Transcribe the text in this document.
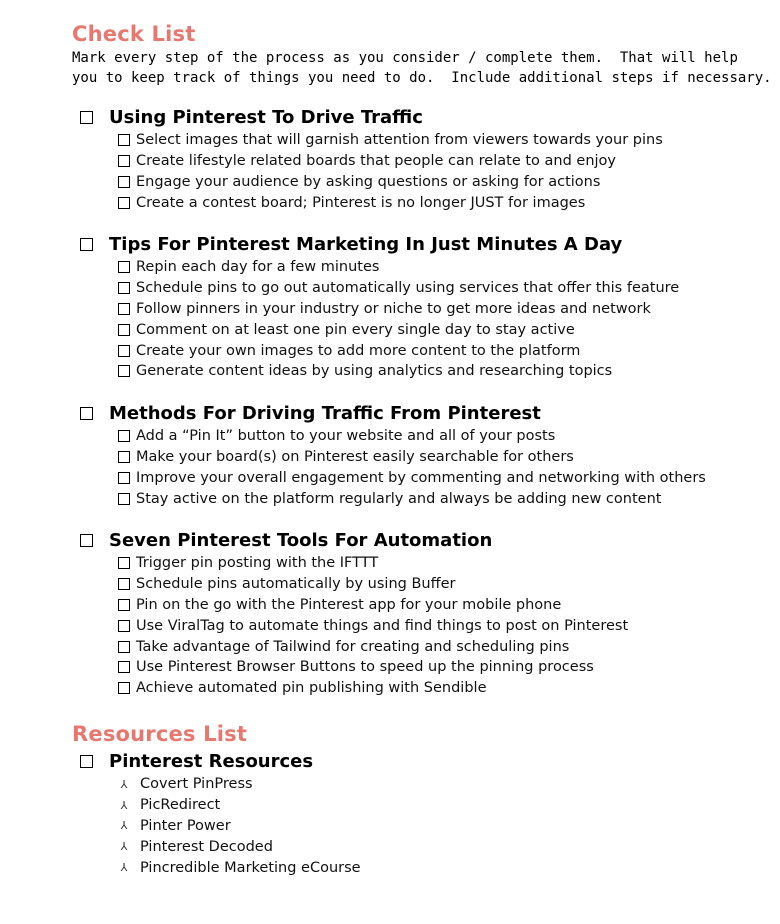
Check List

Mark every step of the process as you consider / complete them.  That will help
you to keep track of things you need to do.  Include additional steps if necessary.

Using Pinterest To Drive Traffic
Select images that will garnish attention from viewers towards your pins
Create lifestyle related boards that people can relate to and enjoy
Engage your audience by asking questions or asking for actions
Create a contest board; Pinterest is no longer JUST for images
Tips For Pinterest Marketing In Just Minutes A Day
Repin each day for a few minutes
Schedule pins to go out automatically using services that offer this feature
Follow pinners in your industry or niche to get more ideas and network
Comment on at least one pin every single day to stay active
Create your own images to add more content to the platform
Generate content ideas by using analytics and researching topics
Methods For Driving Traffic From Pinterest
Add a “Pin It” button to your website and all of your posts
Make your board(s) on Pinterest easily searchable for others
Improve your overall engagement by commenting and networking with others
Stay active on the platform regularly and always be adding new content
Seven Pinterest Tools For Automation
Trigger pin posting with the IFTTT
Schedule pins automatically by using Buffer
Pin on the go with the Pinterest app for your mobile phone
Use ViralTag to automate things and find things to post on Pinterest
Take advantage of Tailwind for creating and scheduling pins
Use Pinterest Browser Buttons to speed up the pinning process
Achieve automated pin publishing with Sendible
Resources List
Pinterest Resources
⅄ Covert PinPress
⅄ PicRedirect
⅄ Pinter Power
⅄ Pinterest Decoded
⅄ Pincredible Marketing eCourse
